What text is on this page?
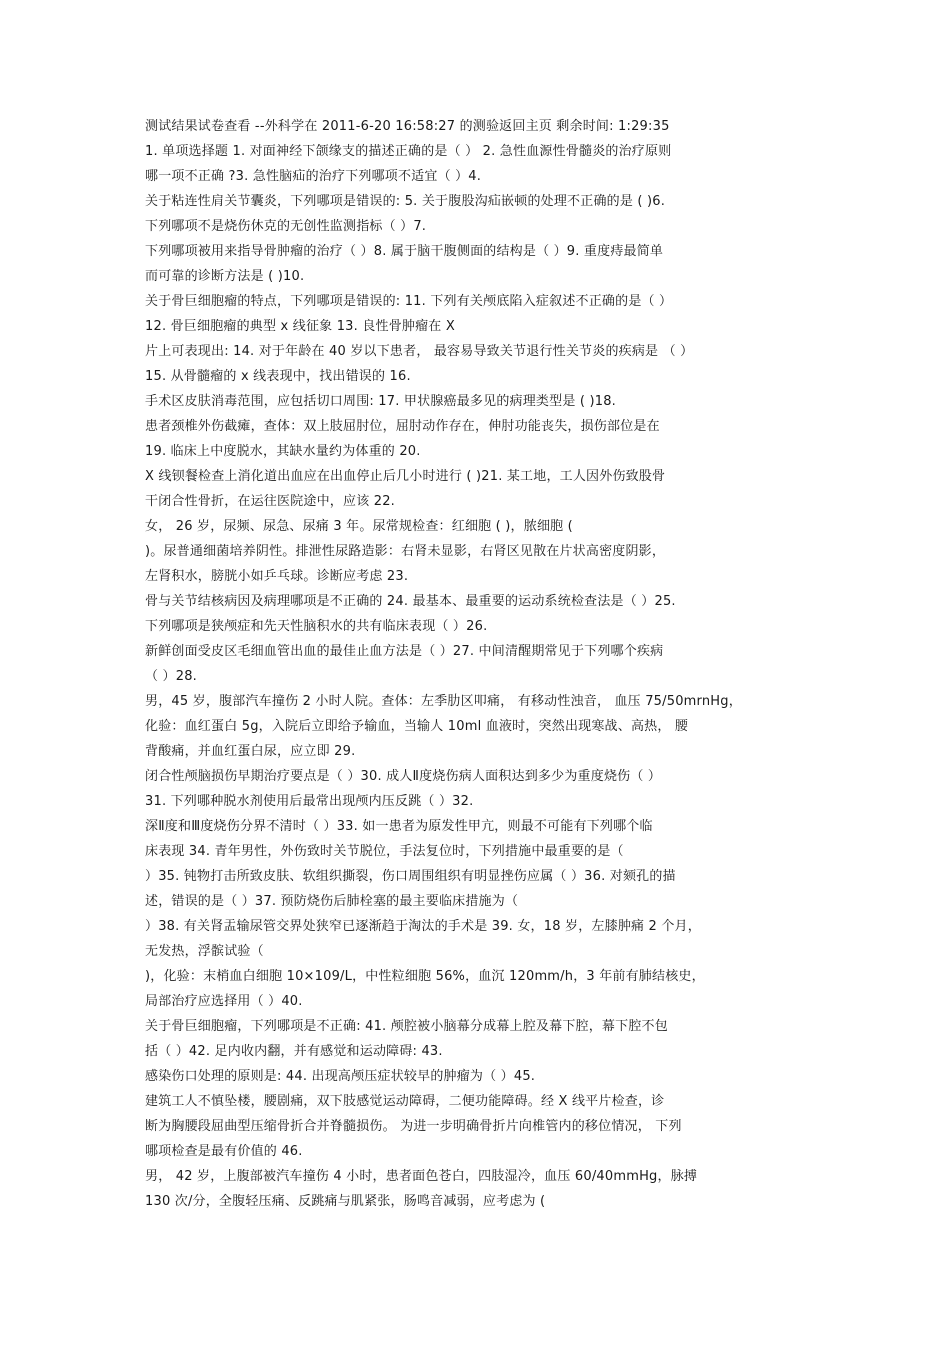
测试结果试卷查看 --外科学在 2011-6-20 16:58:27 的测验返回主页 剩余时间: 1:29:35
1. 单项选择题 1. 对面神经下颌缘支的描述正确的是（ ） 2. 急性血源性骨髓炎的治疗原则
哪一项不正确 ?3. 急性脑疝的治疗下列哪项不适宜（ ）4.
关于粘连性肩关节囊炎，下列哪项是错误的: 5. 关于腹股沟疝嵌顿的处理不正确的是 ( )6.
下列哪项不是烧伤休克的无创性监测指标（ ）7.
下列哪项被用来指导骨肿瘤的治疗（ ）8. 属于脑干腹侧面的结构是（ ）9. 重度痔最简单
而可靠的诊断方法是 ( )10.
关于骨巨细胞瘤的特点，下列哪项是错误的: 11. 下列有关颅底陷入症叙述不正确的是（ ）
12. 骨巨细胞瘤的典型 x 线征象 13. 良性骨肿瘤在 X
片上可表现出: 14. 对于年龄在 40 岁以下患者， 最容易导致关节退行性关节炎的疾病是 （ ）
15. 从骨髓瘤的 x 线表现中，找出错误的 16.
手术区皮肤消毒范围，应包括切口周围: 17. 甲状腺癌最多见的病理类型是 ( )18.
患者颈椎外伤截瘫，查体：双上肢屈肘位，屈肘动作存在，伸肘功能丧失，损伤部位是在
19. 临床上中度脱水，其缺水量约为体重的 20.
X 线钡餐检查上消化道出血应在出血停止后几小时进行 ( )21. 某工地，工人因外伤致股骨
干闭合性骨折，在运往医院途中，应该 22.
女， 26 岁，尿频、尿急、尿痛 3 年。尿常规检查：红细胞 ( )，脓细胞 (
)。尿普通细菌培养阴性。排泄性尿路造影：右肾未显影，右肾区见散在片状高密度阴影，
左肾积水，膀胱小如乒乓球。诊断应考虑 23.
骨与关节结核病因及病理哪项是不正确的 24. 最基本、最重要的运动系统检查法是（ ）25.
下列哪项是狭颅症和先天性脑积水的共有临床表现（ ）26.
新鲜创面受皮区毛细血管出血的最佳止血方法是（ ）27. 中间清醒期常见于下列哪个疾病
（ ）28.
男，45 岁，腹部汽车撞伤 2 小时人院。查体：左季肋区叩痛， 有移动性浊音， 血压 75/50mrnHg，
化验：血红蛋白 5g，入院后立即给予输血，当输人 10ml 血液时，突然出现寒战、高热， 腰
背酸痛，并血红蛋白尿，应立即 29.
闭合性颅脑损伤早期治疗要点是（ ）30. 成人Ⅱ度烧伤病人面积达到多少为重度烧伤（ ）
31. 下列哪种脱水剂使用后最常出现颅内压反跳（ ）32.
深Ⅱ度和Ⅲ度烧伤分界不清时（ ）33. 如一患者为原发性甲亢，则最不可能有下列哪个临
床表现 34. 青年男性，外伤致时关节脱位，手法复位时，下列措施中最重要的是（
）35. 钝物打击所致皮肤、软组织撕裂，伤口周围组织有明显挫伤应属（ ）36. 对颏孔的描
述，错误的是（ ）37. 预防烧伤后肺栓塞的最主要临床措施为（
）38. 有关肾盂输尿管交界处狭窄已逐渐趋于淘汰的手术是 39. 女，18 岁，左膝肿痛 2 个月，
无发热，浮髌试验（
)，化验：末梢血白细胞 10×109/L，中性粒细胞 56%，血沉 120mm/h，3 年前有肺结核史，
局部治疗应选择用（ ）40.
关于骨巨细胞瘤，下列哪项是不正确: 41. 颅腔被小脑幕分成幕上腔及幕下腔，幕下腔不包
括（ ）42. 足内收内翻，并有感觉和运动障碍: 43.
感染伤口处理的原则是: 44. 出现高颅压症状较早的肿瘤为（ ）45.
建筑工人不慎坠楼，腰剧痛，双下肢感觉运动障碍，二便功能障碍。经 X 线平片检查，诊
断为胸腰段屈曲型压缩骨折合并脊髓损伤。 为进一步明确骨折片向椎管内的移位情况， 下列
哪项检查是最有价值的 46.
男， 42 岁，上腹部被汽车撞伤 4 小时，患者面色苍白，四肢湿冷，血压 60/40mmHg，脉搏
130 次/分，全腹轻压痛、反跳痛与肌紧张，肠鸣音减弱，应考虑为 (
